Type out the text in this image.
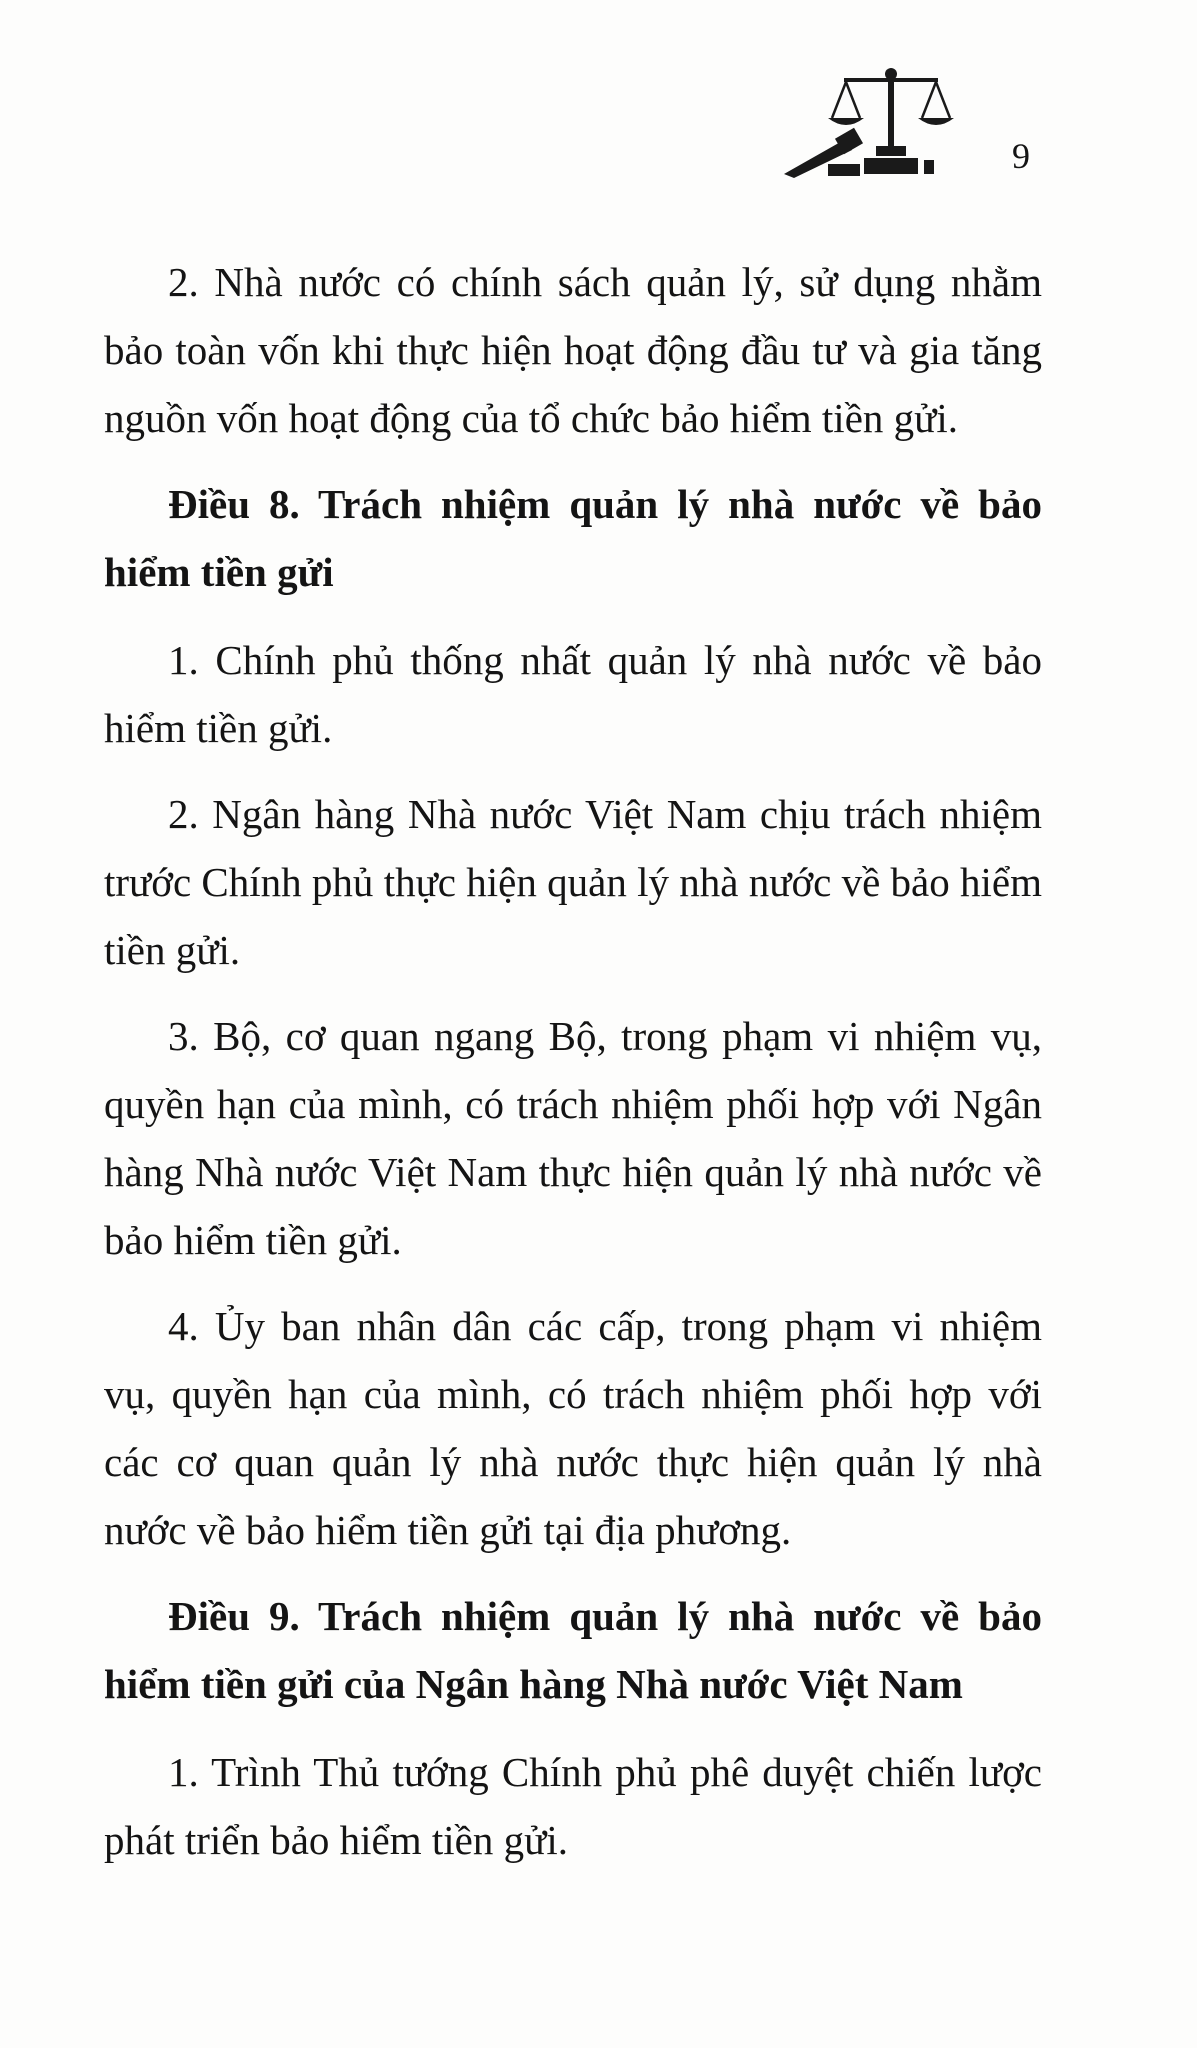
9

2. Nhà nước có chính sách quản lý, sử dụng nhằm bảo toàn vốn khi thực hiện hoạt động đầu tư và gia tăng nguồn vốn hoạt động của tổ chức bảo hiểm tiền gửi.

Điều 8. Trách nhiệm quản lý nhà nước về bảo hiểm tiền gửi

1. Chính phủ thống nhất quản lý nhà nước về bảo hiểm tiền gửi.

2. Ngân hàng Nhà nước Việt Nam chịu trách nhiệm trước Chính phủ thực hiện quản lý nhà nước về bảo hiểm tiền gửi.

3. Bộ, cơ quan ngang Bộ, trong phạm vi nhiệm vụ, quyền hạn của mình, có trách nhiệm phối hợp với Ngân hàng Nhà nước Việt Nam thực hiện quản lý nhà nước về bảo hiểm tiền gửi.

4. Ủy ban nhân dân các cấp, trong phạm vi nhiệm vụ, quyền hạn của mình, có trách nhiệm phối hợp với các cơ quan quản lý nhà nước thực hiện quản lý nhà nước về bảo hiểm tiền gửi tại địa phương.

Điều 9. Trách nhiệm quản lý nhà nước về bảo hiểm tiền gửi của Ngân hàng Nhà nước Việt Nam

1. Trình Thủ tướng Chính phủ phê duyệt chiến lược phát triển bảo hiểm tiền gửi.
